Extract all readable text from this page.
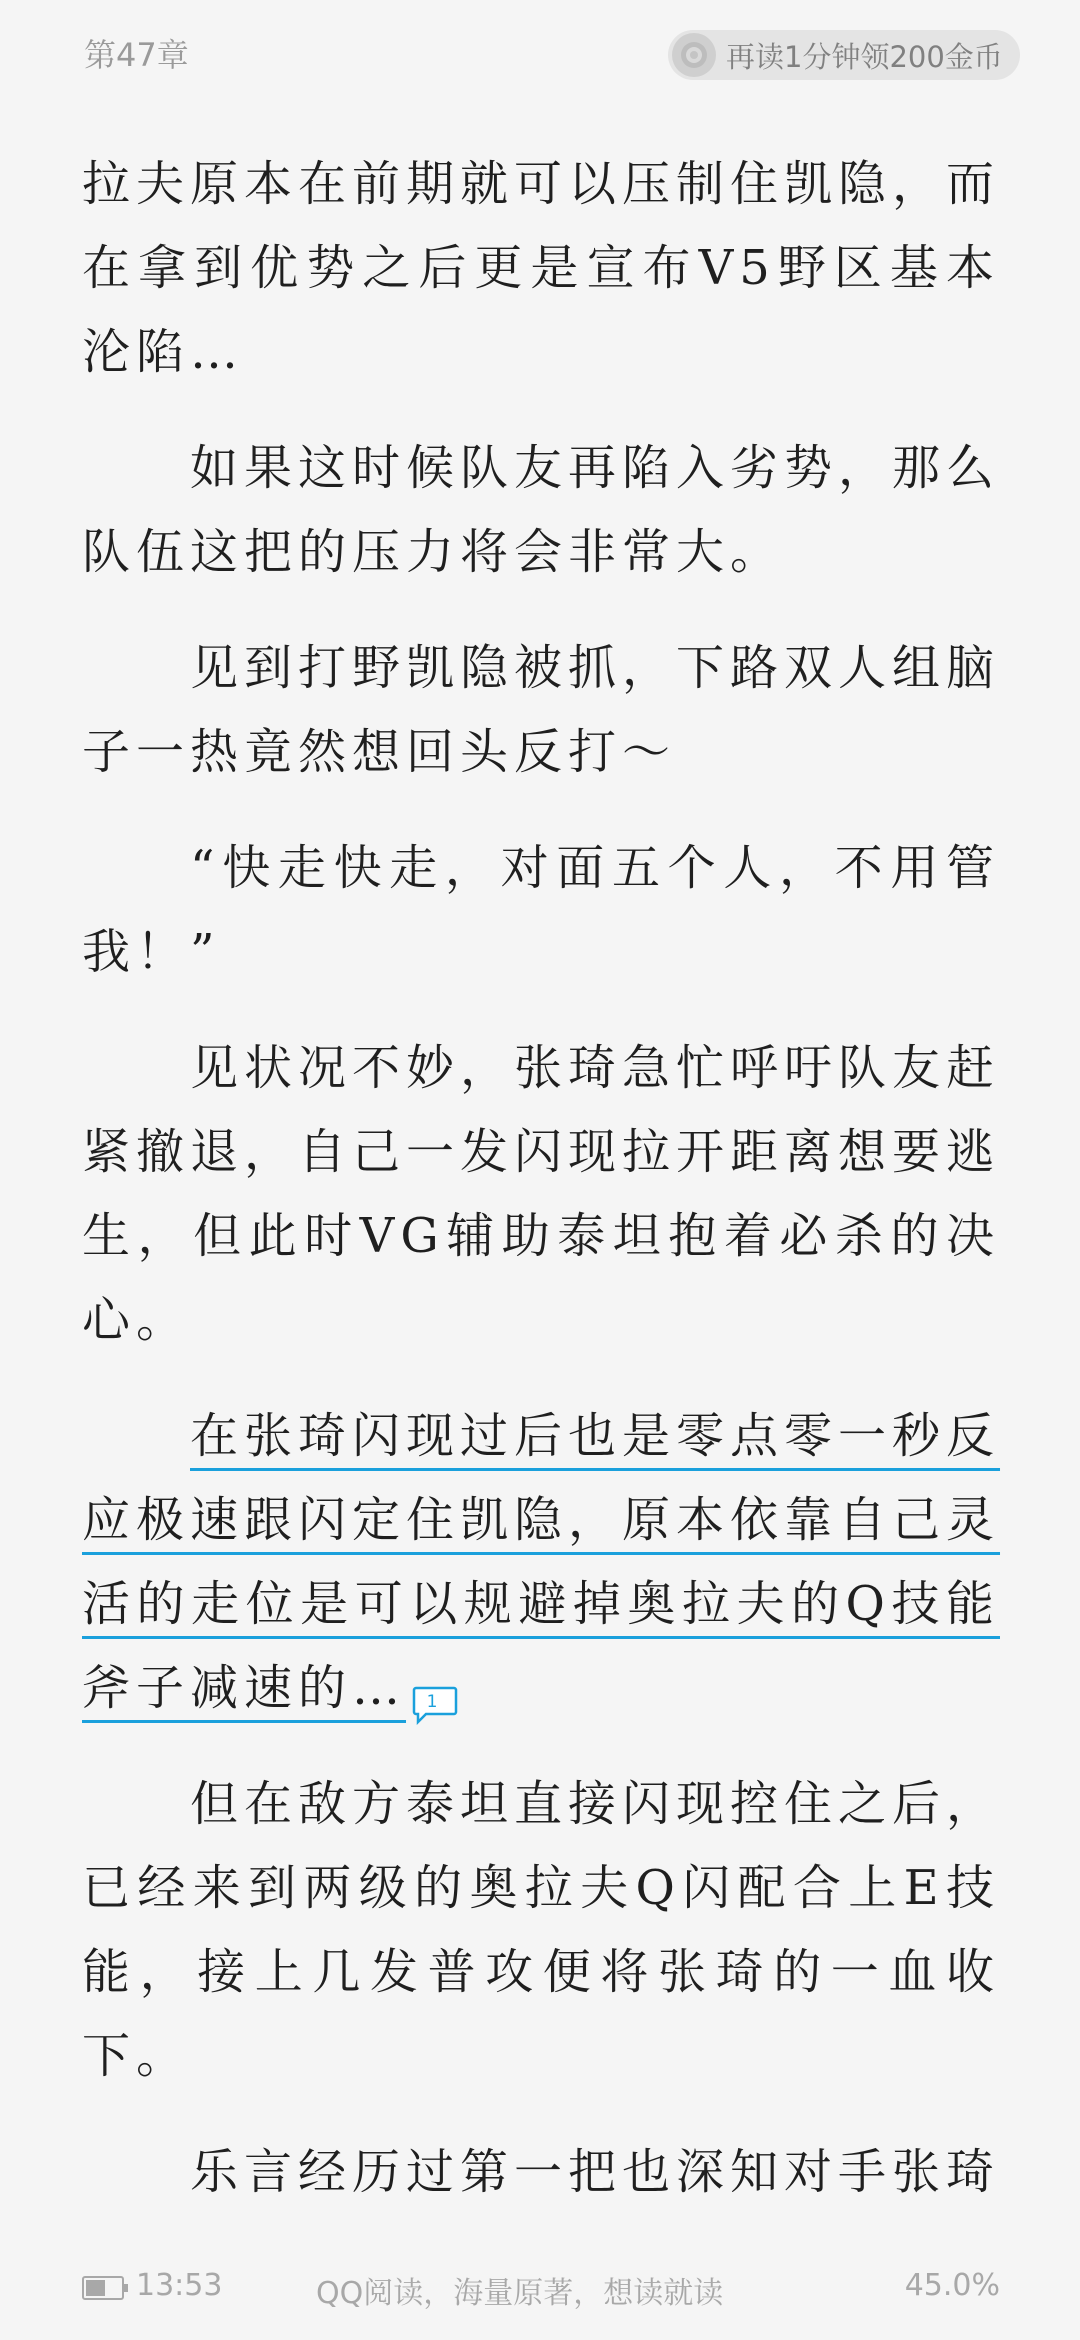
第47章	再读1分钟领200金币

拉夫原本在前期就可以压制住凯隐，而在拿到优势之后更是宣布V5野区基本沦陷…

如果这时候队友再陷入劣势，那么队伍这把的压力将会非常大。

见到打野凯隐被抓，下路双人组脑子一热竟然想回头反打～

“快走快走，对面五个人，不用管我！”

见状况不妙，张琦急忙呼吁队友赶紧撤退，自己一发闪现拉开距离想要逃生，但此时VG辅助泰坦抱着必杀的决心。

在张琦闪现过后也是零点零一秒反应极速跟闪定住凯隐，原本依靠自己灵活的走位是可以规避掉奥拉夫的Q技能斧子减速的… 1

但在敌方泰坦直接闪现控住之后，已经来到两级的奥拉夫Q闪配合上E技能，接上几发普攻便将张琦的一血收下。

乐言经历过第一把也深知对手张琦

13:53	QQ阅读，海量原著，想读就读	45.0%
